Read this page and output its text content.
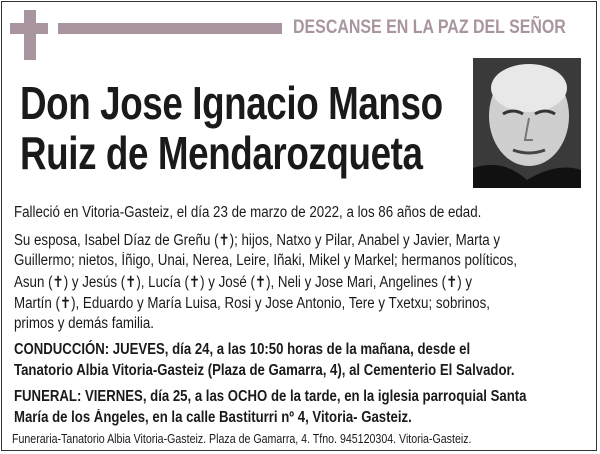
DESCANSE EN LA PAZ DEL SEÑOR
Don Jose Ignacio Manso
Ruiz de Mendarozqueta
Falleció en Vitoria-Gasteiz, el día 23 de marzo de 2022, a los 86 años de edad.
Su esposa, Isabel Díaz de Greñu (✝); hijos, Natxo y Pilar, Anabel y Javier, Marta y
Guillermo; nietos, Íñigo, Unai, Nerea, Leire, Iñaki, Mikel y Markel; hermanos políticos,
Asun (✝) y Jesús (✝), Lucía (✝) y José (✝), Neli y Jose Mari, Angelines (✝) y
Martín (✝), Eduardo y María Luisa, Rosi y Jose Antonio, Tere y Txetxu; sobrinos,
primos y demás familia.
CONDUCCIÓN: JUEVES, día 24, a las 10:50 horas de la mañana, desde el
Tanatorio Albia Vitoria-Gasteiz (Plaza de Gamarra, 4), al Cementerio El Salvador.
FUNERAL: VIERNES, día 25, a las OCHO de la tarde, en la iglesia parroquial Santa
María de los Ángeles, en la calle Bastiturri nº 4, Vitoria- Gasteiz.
Funeraria-Tanatorio Albia Vitoria-Gasteiz. Plaza de Gamarra, 4. Tfno. 945120304. Vitoria-Gasteiz.
